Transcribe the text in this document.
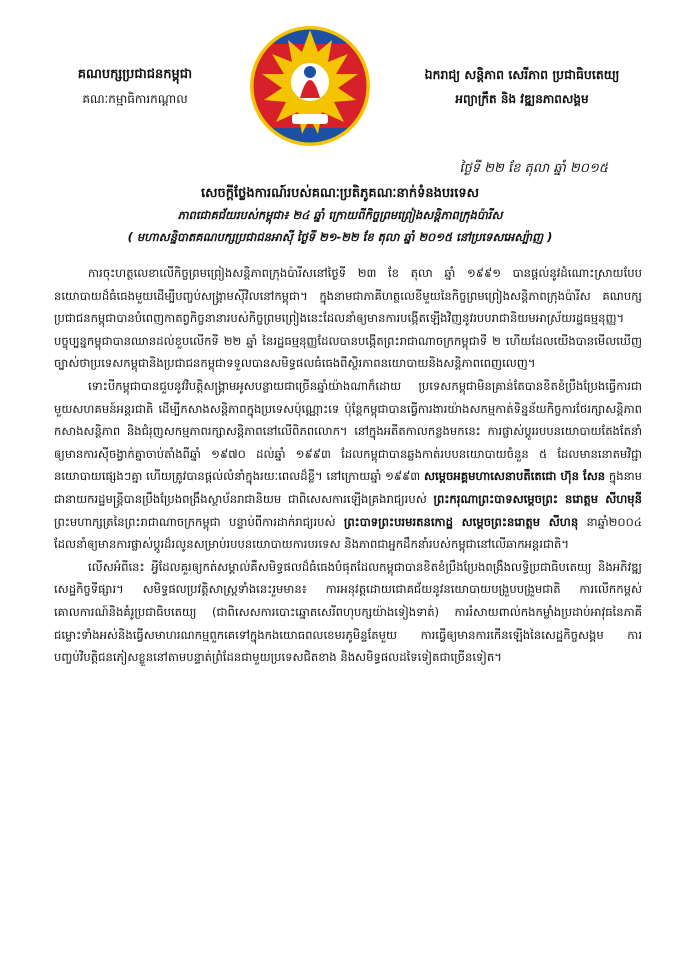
គណបក្សប្រជាជនកម្ពុជា
គណៈកម្មាធិការកណ្ដាល
ឯករាជ្យ សន្តិភាព សេរីភាព ប្រជាធិបតេយ្យ
អព្យាក្រឹត និង វឌ្ឍនភាពសង្គម
ថ្ងៃទី ២២ ខែ តុលា ឆ្នាំ ២០១៥
សេចក្ដីថ្លែងការណ៍របស់គណៈប្រតិភូគណៈនាក់ទំនងបរទេស
ភាពជោគជ័យរបស់កម្ពុជា៖ ២៤ ឆ្នាំ ក្រោយពីកិច្ចព្រមព្រៀងសន្តិភាពក្រុងប៉ារីស
( មហាសន្និបាតគណបក្សប្រជាជនអាស៊ី ថ្ងៃទី ២១-២២ ខែ តុលា ឆ្នាំ ២០១៥ នៅប្រទេសអេស្ប៉ាញ )

ការចុះហត្ថលេខាលើកិច្ចព្រមព្រៀងសន្តិភាពក្រុងប៉ារីសនៅថ្ងៃទី ២៣ ខែ តុលា ឆ្នាំ ១៩៩១ បានផ្ដល់នូវដំណោះស្រាយបែបនយោបាយដ៏ធំធេងមួយដើម្បីបញ្ចប់សង្គ្រាមស៊ីវិលនៅកម្ពុជា។ ក្នុងនាមជាភាគីហត្ថលេខីមួយនៃកិច្ចព្រមព្រៀងសន្តិភាពក្រុងប៉ារីស គណបក្សប្រជាជនកម្ពុជាបានបំពេញកាតព្វកិច្ចនានារបស់កិច្ចព្រមព្រៀងនេះដែលនាំឲ្យមានការបង្កើតឡើងវិញនូវរបបរាជានិយមអាស្រ័យរដ្ឋធម្មនុញ្ញ។ បច្ចុប្បន្នកម្ពុជាបានឈានដល់ខួបលើកទី ២២ ឆ្នាំ នៃរដ្ឋធម្មនុញ្ញដែលបានបង្កើតព្រះរាជាណាចក្រកម្ពុជាទី ២ ហើយដែលយើងបានមើលឃើញច្បាស់ថាប្រទេសកម្ពុជានិងប្រជាជនកម្ពុជាទទួលបានសមិទ្ធផលធំធេងពីស្ថិរភាពនយោបាយនិងសន្តិភាពពេញលេញ។

ទោះបីកម្ពុជាបានជួបនូវវិបត្តិសង្គ្រាមអូសបន្លាយជាច្រើនឆ្នាំយ៉ាងណាក៏ដោយ ប្រទេសកម្ពុជាមិនគ្រាន់តែបានខិតខំប្រឹងប្រែងធ្វើការជាមួយសហគមន៍អន្តរជាតិ ដើម្បីកសាងសន្តិភាពក្នុងប្រទេសប៉ុណ្ណោះទេ ប៉ុន្តែកម្ពុជាបានធ្វើការងារយ៉ាងសកម្មកាត់ទិន្នន័យកិច្ចការថែរក្សាសន្តិភាព កសាងសន្តិភាព និងជំរុញសកម្មភាពរក្សាសន្តិភាពនៅលើពិភពលោក។ នៅក្នុងអតីតកាលកន្លងមកនេះ ការផ្លាស់ប្ដូររបបនយោបាយតែងតែនាំឲ្យមានការស៊ីចង្វាក់គ្នាចាប់តាំងពីឆ្នាំ ១៩៧០ ដល់ឆ្នាំ ១៩៩៣ ដែលកម្ពុជាបានឆ្លងកាត់របបនយោបាយចំនួន ៥ ដែលមាននោតមវិជ្ជានយោបាយផ្សេងៗគ្នា ហើយត្រូវបានផ្ដល់លំនាំក្នុងរយៈពេលដ៏ខ្លី។ នៅក្រោយឆ្នាំ ១៩៩៣ សម្ដេចអគ្គមហាសេនាបតីតេជោ ហ៊ុន សែន ក្នុងនាមជានាយករដ្ឋមន្ត្រីបានប្រឹងប្រែងពង្រឹងស្ថាប័នរាជានិយម ជាពិសេសការឡើងគ្រងរាជ្យរបស់ ព្រះករុណាព្រះបាទសម្ដេចព្រះ នរោត្តម សីហមុនី ព្រះមហាក្សត្រនៃព្រះរាជាណាចក្រកម្ពុជា បន្ទាប់ពីការដាក់រាជ្យរបស់ ព្រះបាទព្រះបរមរតនកោដ្ឋ សម្ដេចព្រះនរោត្តម សីហនុ នាឆ្នាំ២០០៤ ដែលនាំឲ្យមានការផ្លាស់ប្ដូរដ៏រលូនសម្រាប់របបនយោបាយការបរទេស និងភាពជាអ្នកដឹកនាំរបស់កម្ពុជានៅលើឆាកអន្តរជាតិ។

លើសអំពីនេះ អ្វីដែលគួរឲ្យកត់សម្គាល់គឺសមិទ្ធផលដ៏ធំធេងបំផុតដែលកម្ពុជាបានខិតខំប្រឹងប្រែងពង្រឹងលទ្ធិប្រជាធិបតេយ្យ និងអភិវឌ្ឍសេដ្ឋកិច្ចទីផ្សារ។ សមិទ្ធផលប្រវត្តិសាស្ត្រទាំងនេះរួមមាន៖ ការអនុវត្តដោយជោគជ័យនូវនយោបាយបង្រួបបង្រួមជាតិ ការលើកកម្ពស់គោលការណ៍និងគំរូប្រជាធិបតេយ្យ (ជាពិសេសការបោះឆ្នោតសេរីពហុបក្សយ៉ាងទៀងទាត់) ការរំសាយពាល់កងកម្លាំងប្រដាប់អាវុធនៃភាគីជម្លោះទាំងអស់និងធ្វើសមាហរណកម្មពួកគេទៅក្នុងកងយោធពលខេមរភូមិន្ទតែមួយ ការធ្វើឲ្យមានការកើនឡើងនៃសេដ្ឋកិច្ចសង្គម ការបញ្ចប់វិបត្តិជនភៀសខ្លួននៅតាមបន្ទាត់ព្រំដែនជាមួយប្រទេសជិតខាង និងសមិទ្ធផលដទៃទៀតជាច្រើនទៀត។
